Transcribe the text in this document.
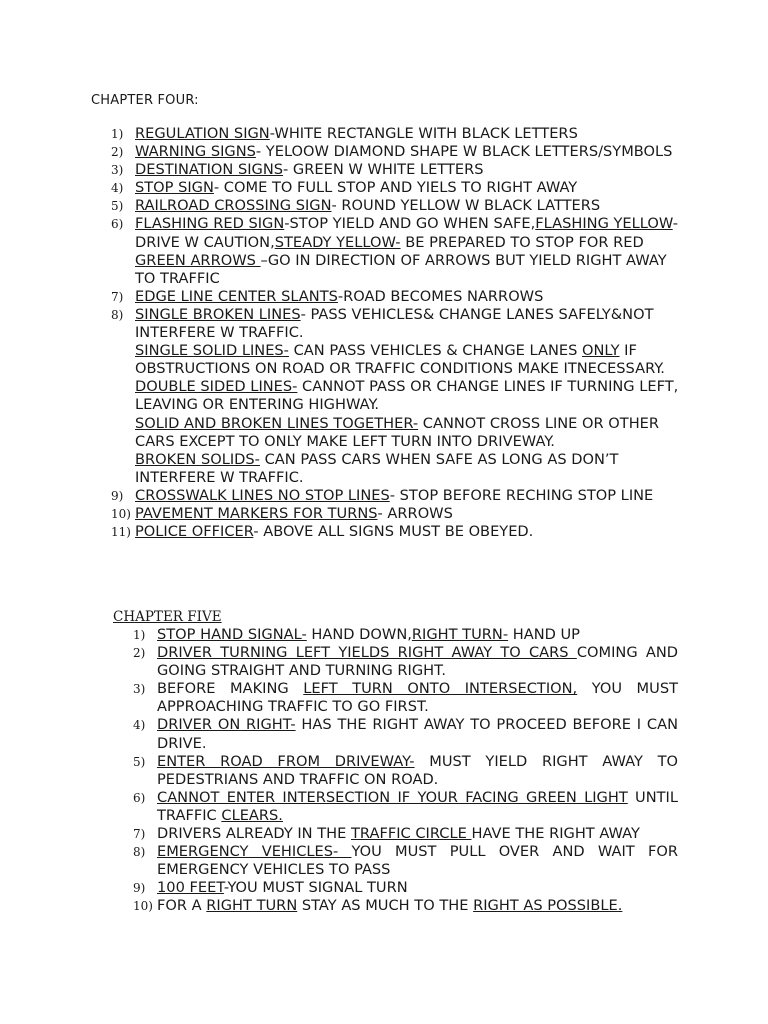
CHAPTER FOUR:
1) REGULATION SIGN-WHITE RECTANGLE WITH BLACK LETTERS
2) WARNING SIGNS- YELOOW DIAMOND SHAPE W BLACK LETTERS/SYMBOLS
3) DESTINATION SIGNS- GREEN W WHITE LETTERS
4) STOP SIGN- COME TO FULL STOP AND YIELS TO RIGHT AWAY
5) RAILROAD CROSSING SIGN- ROUND YELLOW W BLACK LATTERS
6) FLASHING RED SIGN-STOP YIELD AND GO WHEN SAFE,FLASHING YELLOW-DRIVE W CAUTION,STEADY YELLOW- BE PREPARED TO STOP FOR RED GREEN ARROWS –GO IN DIRECTION OF ARROWS BUT YIELD RIGHT AWAY TO TRAFFIC
7) EDGE LINE CENTER SLANTS-ROAD BECOMES NARROWS
8) SINGLE BROKEN LINES- PASS VEHICLES& CHANGE LANES SAFELY&NOT INTERFERE W TRAFFIC.
SINGLE SOLID LINES- CAN PASS VEHICLES & CHANGE LANES ONLY IF OBSTRUCTIONS ON ROAD OR TRAFFIC CONDITIONS MAKE ITNECESSARY.
DOUBLE SIDED LINES- CANNOT PASS OR CHANGE LINES IF TURNING LEFT, LEAVING OR ENTERING HIGHWAY.
SOLID AND BROKEN LINES TOGETHER- CANNOT CROSS LINE OR OTHER CARS EXCEPT TO ONLY MAKE LEFT TURN INTO DRIVEWAY.
BROKEN SOLIDS- CAN PASS CARS WHEN SAFE AS LONG AS DON’T INTERFERE W TRAFFIC.
9) CROSSWALK LINES NO STOP LINES- STOP BEFORE RECHING STOP LINE
10) PAVEMENT MARKERS FOR TURNS- ARROWS
11) POLICE OFFICER- ABOVE ALL SIGNS MUST BE OBEYED.
CHAPTER FIVE
1) STOP HAND SIGNAL- HAND DOWN,RIGHT TURN- HAND UP
2) DRIVER TURNING LEFT YIELDS RIGHT AWAY TO CARS COMING AND GOING STRAIGHT AND TURNING RIGHT.
3) BEFORE MAKING LEFT TURN ONTO INTERSECTION, YOU MUST APPROACHING TRAFFIC TO GO FIRST.
4) DRIVER ON RIGHT- HAS THE RIGHT AWAY TO PROCEED BEFORE I CAN DRIVE.
5) ENTER ROAD FROM DRIVEWAY- MUST YIELD RIGHT AWAY TO PEDESTRIANS AND TRAFFIC ON ROAD.
6) CANNOT ENTER INTERSECTION IF YOUR FACING GREEN LIGHT UNTIL TRAFFIC CLEARS.
7) DRIVERS ALREADY IN THE TRAFFIC CIRCLE HAVE THE RIGHT AWAY
8) EMERGENCY VEHICLES- YOU MUST PULL OVER AND WAIT FOR EMERGENCY VEHICLES TO PASS
9) 100 FEET-YOU MUST SIGNAL TURN
10) FOR A RIGHT TURN STAY AS MUCH TO THE RIGHT AS POSSIBLE.
